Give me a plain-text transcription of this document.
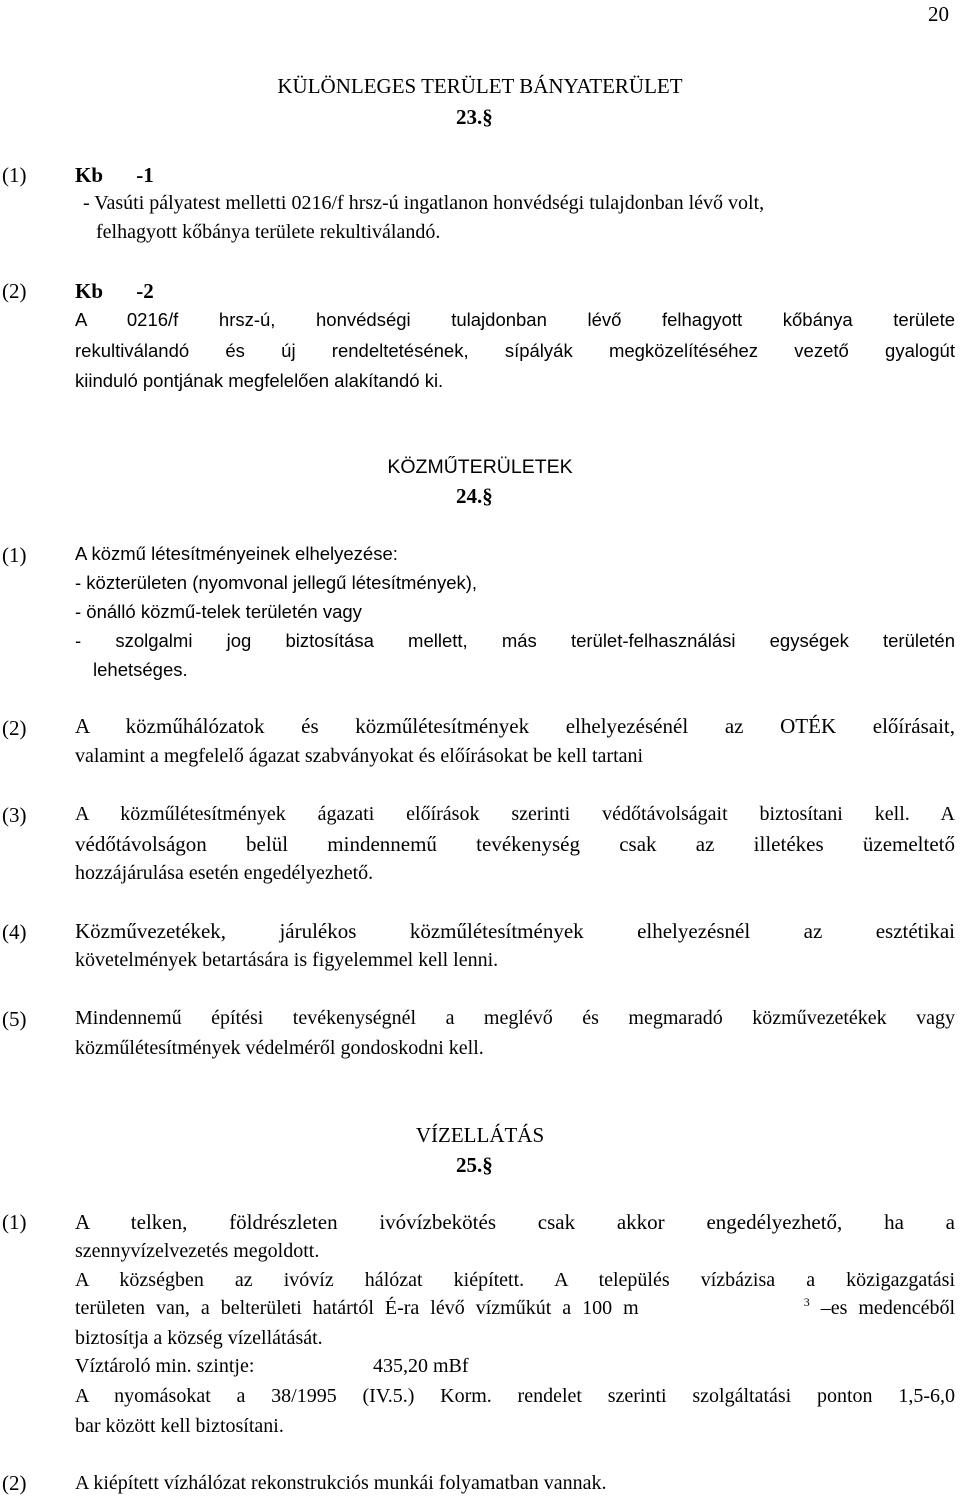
20
KÜLÖNLEGES TERÜLET BÁNYATERÜLET
23.§
(1) Kb -1
- Vasúti pályatest melletti 0216/f hrsz-ú ingatlanon honvédségi tulajdonban lévő volt,
felhagyott kőbánya területe rekultiválandó.
(2) Kb -2
A 0216/f hrsz-ú, honvédségi tulajdonban lévő felhagyott kőbánya területe
rekultiválandó és új rendeltetésének, sípályák megközelítéséhez vezető gyalogút
kiinduló pontjának megfelelően alakítandó ki.
KÖZMŰTERÜLETEK
24.§
(1)	A közmű létesítményeinek elhelyezése:
- közterületen (nyomvonal jellegű létesítmények),
- önálló közmű-telek területén vagy
- szolgalmi jog biztosítása mellett, más terület-felhasználási egységek területén
lehetséges.
(2) A közműhálózatok és közműlétesítmények elhelyezésénél az OTÉK előírásait,
valamint a megfelelő ágazat szabványokat és előírásokat be kell tartani
(3) A közműlétesítmények ágazati előírások szerinti védőtávolságait biztosítani kell. A
védőtávolságon belül mindennemű tevékenység csak az illetékes üzemeltető
hozzájárulása esetén engedélyezhető.
(4) Közművezetékek, járulékos közműlétesítmények elhelyezésnél az esztétikai
követelmények betartására is figyelemmel kell lenni.
(5) Mindennemű építési tevékenységnél a meglévő és megmaradó közművezetékek vagy
közműlétesítmények védelméről gondoskodni kell.
VÍZELLÁTÁS
25.§
(1) A telken, földrészleten ivóvízbekötés csak akkor engedélyezhető, ha a
szennyvízelvezetés megoldott.
A községben az ivóvíz hálózat kiépített. A település vízbázisa a közigazgatási
területen van, a belterületi határtól É-ra lévő vízműkút a 100 m	$^3$ –es medencéből
biztosítja a község vízellátását.
Víztároló min. szintje:	435,20 mBf
A nyomásokat a 38/1995 (IV.5.) Korm. rendelet szerinti szolgáltatási ponton 1,5-6,0
bar között kell biztosítani.
(2) A kiépített vízhálózat rekonstrukciós munkái folyamatban vannak.
